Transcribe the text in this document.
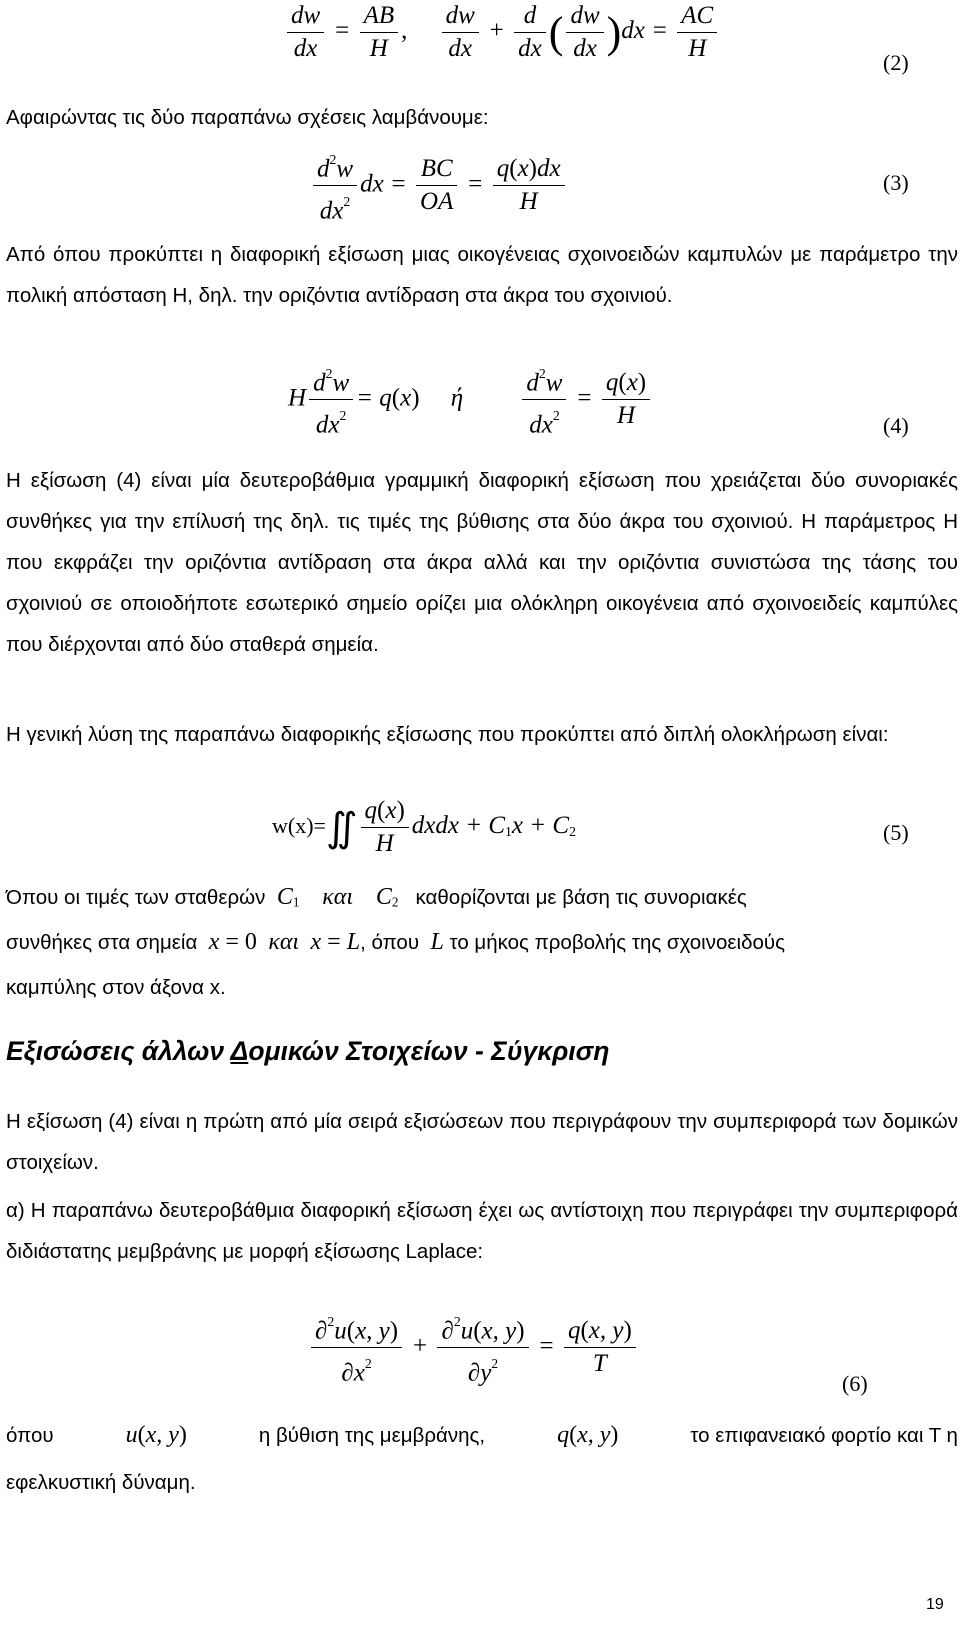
$\frac{dw}{dx} = \frac{AB}{H}$ , $\frac{dw}{dx} + \frac{d}{dx}$ ( $\frac{dw}{dx} )dx = \frac{AC}{H}$	(2)

Αφαιρώντας τις δύο παραπάνω σχέσεις λαμβάνουμε:

$\frac{d^2w}{dx^2}$ dx = $\frac{BC}{OA} = \frac{q(x)dx}{H}$	(3)

Από όπου προκύπτει η διαφορική εξίσωση μιας οικογένειας σχοινοειδών καμπυλών με παράμετρο την πολική απόσταση Η, δηλ. την οριζόντια αντίδραση στα άκρα του σχοινιού.

H $\frac{d^2w}{dx^2} = q(x)$ ή $\frac{d^2w}{dx^2} = \frac{q(x)}{H}$	(4)

Η εξίσωση (4) είναι μία δευτεροβάθμια γραμμική διαφορική εξίσωση που χρειάζεται δύο συνοριακές συνθήκες για την επίλυσή της δηλ. τις τιμές της βύθισης στα δύο άκρα του σχοινιού. Η παράμετρος Η που εκφράζει την οριζόντια αντίδραση στα άκρα αλλά και την οριζόντια συνιστώσα της τάσης του σχοινιού σε οποιοδήποτε εσωτερικό σημείο ορίζει μια ολόκληρη οικογένεια από σχοινοειδείς καμπύλες που διέρχονται από δύο σταθερά σημεία.

Η γενική λύση της παραπάνω διαφορικής εξίσωσης που προκύπτει από διπλή ολοκλήρωση είναι:

w(x)=∬ $\frac{q(x)}{H}$ dxdx + $C_1x + C_2$	(5)
Όπου οι τιμές των σταθερών $C_1$ και $C_2$ καθορίζονται με βάση τις συνοριακές
συνθήκες στα σημεία x = 0 και x = L, όπου L το μήκος προβολής της σχοινοειδούς

καμπύλης στον άξονα x.

Εξισώσεις άλλων Δομικών Στοιχείων - Σύγκριση

Η εξίσωση (4) είναι η πρώτη από μία σειρά εξισώσεων που περιγράφουν την συμπεριφορά των δομικών στοιχείων.

α) Η παραπάνω δευτεροβάθμια διαφορική εξίσωση έχει ως αντίστοιχη που περιγράφει την συμπεριφορά διδιάστατης μεμβράνης με μορφή εξίσωσης Laplace:

$\frac{\partial^2u(x, y)}{\partial x^2} + \frac{\partial^2u(x, y)}{\partial y^2} = \frac{q(x, y)}{T}$
(6)
όπου	u(x, y)	η βύθιση της μεμβράνης,	q(x, y)	το επιφανειακό φορτίο και Τ η

εφελκυστική δύναμη.

19
